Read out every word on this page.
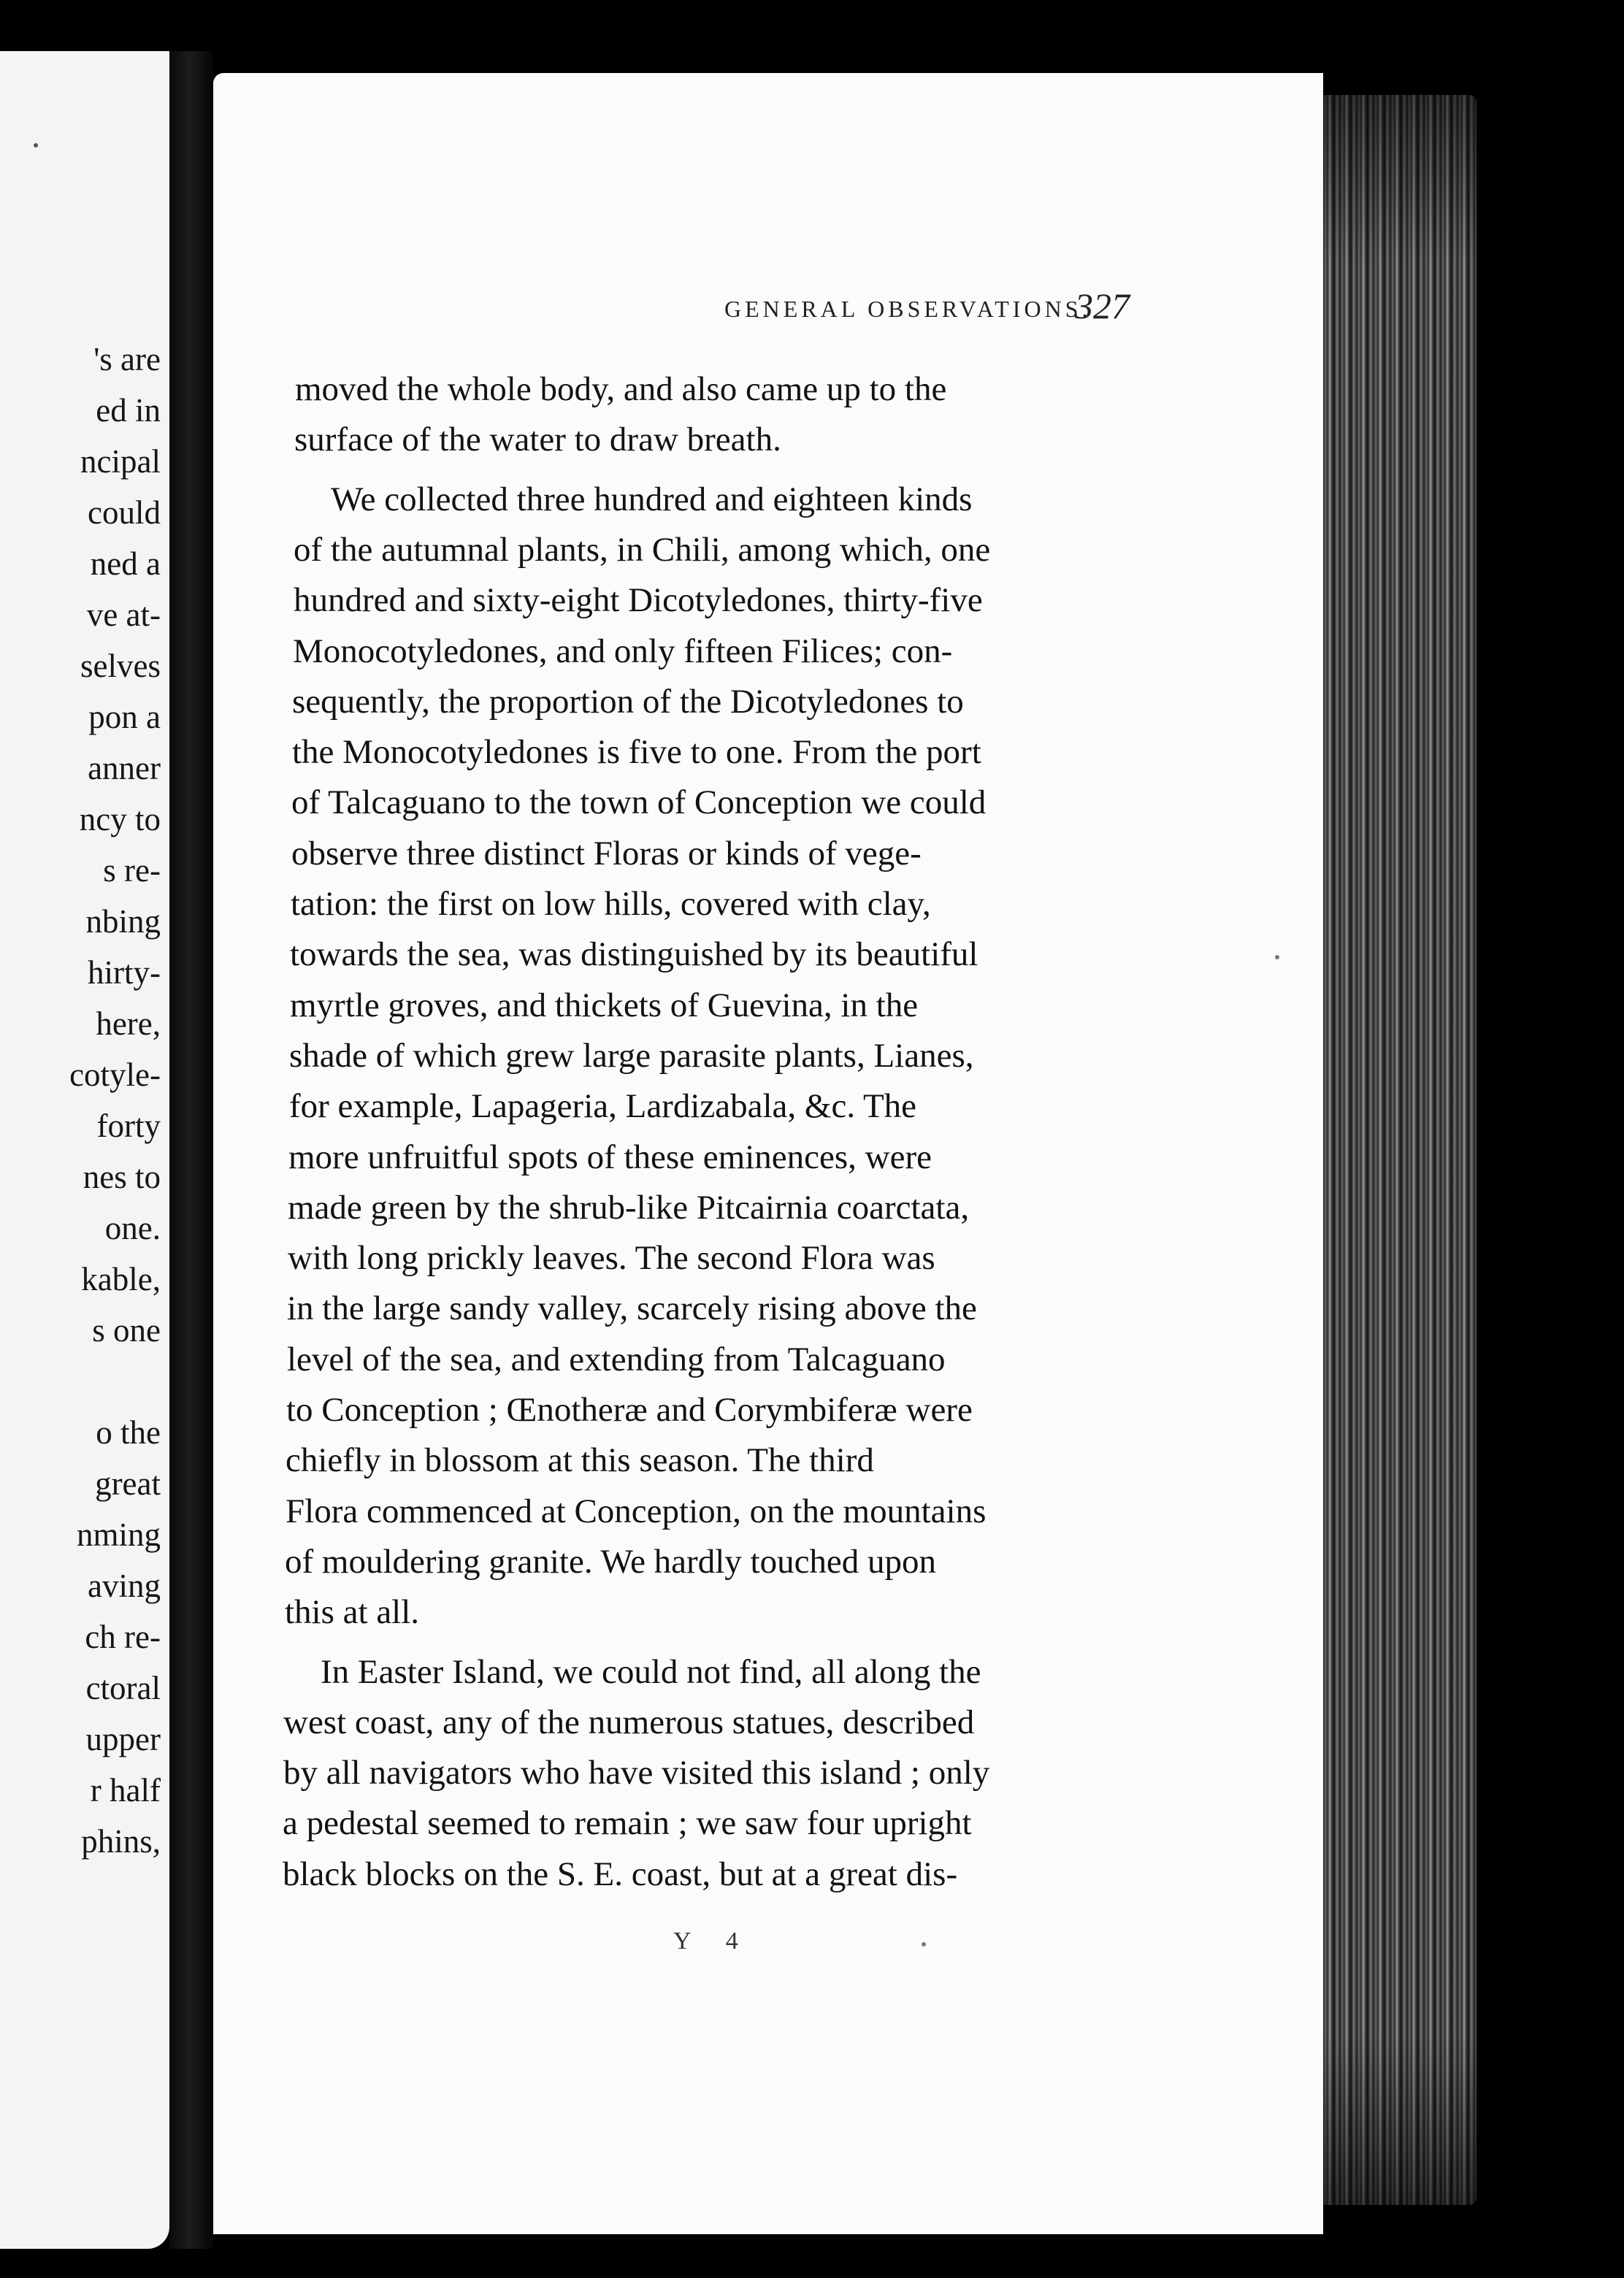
's are
ed in
ncipal
could
ned a
ve at-
selves
pon a
anner
ncy to
s re-
nbing
hirty-
here,
cotyle-
forty
nes to
one.
kable,
s one
o the
great
nming
aving
ch re-
ctoral
upper
r half
phins,
GENERAL OBSERVATIONS.
327
moved the whole body, and also came up to the
surface of the water to draw breath.
We collected three hundred and eighteen kinds
of the autumnal plants, in Chili, among which, one
hundred and sixty-eight Dicotyledones, thirty-five
Monocotyledones, and only fifteen Filices; con-
sequently, the proportion of the Dicotyledones to
the Monocotyledones is five to one. From the port
of Talcaguano to the town of Conception we could
observe three distinct Floras or kinds of vege-
tation: the first on low hills, covered with clay,
towards the sea, was distinguished by its beautiful
myrtle groves, and thickets of Guevina, in the
shade of which grew large parasite plants, Lianes,
for example, Lapageria, Lardizabala, &c. The
more unfruitful spots of these eminences, were
made green by the shrub-like Pitcairnia coarctata,
with long prickly leaves. The second Flora was
in the large sandy valley, scarcely rising above the
level of the sea, and extending from Talcaguano
to Conception ; Œnotheræ and Corymbiferæ were
chiefly in blossom at this season. The third
Flora commenced at Conception, on the mountains
of mouldering granite. We hardly touched upon
this at all.
In Easter Island, we could not find, all along the
west coast, any of the numerous statues, described
by all navigators who have visited this island ; only
a pedestal seemed to remain ; we saw four upright
black blocks on the S. E. coast, but at a great dis-
Y 4
